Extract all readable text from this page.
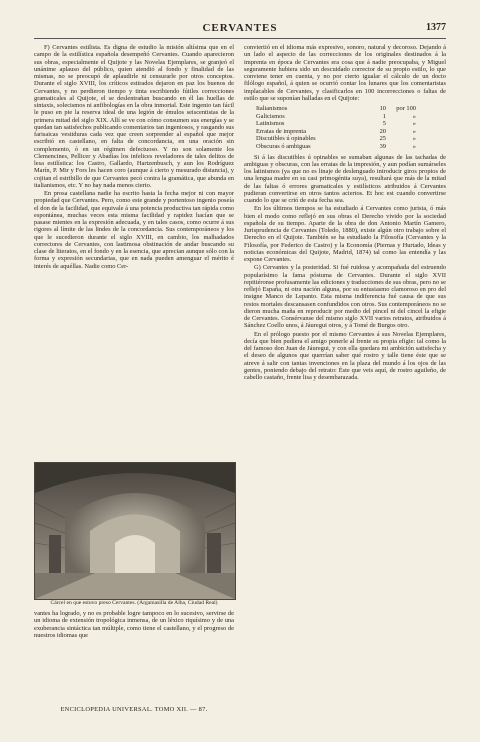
CERVANTES	1377

F) Cervantes estilista. Es digna de estudio la misión altísima que en el campo de la estilística española desempeñó Cervantes. Cuando aparecieron sus obras, especialmente el Quijote y las Novelas Ejemplares, se granjeó el unánime aplauso del público, quien atendió al fondo y finalidad de las mismas, no se preocupó de aplaudirle ni censurarle por otros conceptos. Durante el siglo XVIII, los críticos estirados dejaron en paz los buenos de Cervantes, y no perdieron tiempo y tinta escribiendo fútiles correcciones gramaticales al Quijote, el se deslentrañan buscando en él las huellas de sintaxis, solecismos ni anfibologías en la obra inmortal. Este ingenio tan fácil le puso en pie la reserva ideal de una legión de émulos seiscentistas de la primera mitad del siglo XIX. Allí se ve con cómo consumen sus energías y se quedan tan satisfechos publicando comentarios tan ingeniosos, y rasgando sus farisaicas vestiduras cada vez que creen sorprender al español que mejor escribió en castellano, en falta de concordancia, en una oración sin complemento, ó en un régimen defectuoso. Y no son solamente los Clemencines, Pellicer y Abadías los infelices reveladores de tales delitos de lesa estilística: los Castro, Gallardo, Hartzenbusch, y aun los Rodríguez Marín, P. Mir y Fors les hacen coro (aunque á cierto y mesurado distancia), y cojitan el estribillo de que Cervantes pecó contra la gramática, que abunda en italianismos, etc. Y no hay nada menos cierto.

En prosa castellana nadie ha escrito hasta la fecha mejor ni con mayor propiedad que Cervantes. Pero, como este grande y portentoso ingenio poseía el don de la facilidad, que equivale á una potencia productiva tan rápida como espontánea, muchas veces esta misma facilidad y rapidez hacían que se pasase mientes en la expresión adecuada, y en tales casos, como ocurre á sus rigores al límite de las lindes de la concordancia. Sus contemporáneos y los que le sucedieron durante el siglo XVIII, en cambio, los malhadados correctores de Cervantes, con lastimosa obstinación de andar buscando su clase de literatos, en el fondo y en la esencia, que aprecian aunque sólo con la forma y expresión secundarias, que en nada pueden amenguar el mérito é interés de aquéllas. Nadie como Cer-

Cárcel en que estuvo preso Cervantes. (Argamasilla de Alba, Ciudad Real)

vantes ha logrado, y no es probable logre tampoco en lo sucesivo, servirse de un idioma de extensión tropológica inmensa, de un léxico riquísimo y de una exuberancia sintáctica tan múltiple, como tiene el castellano, y el progreso de nuestros idiomas que

conviertió en el idioma más expresivo, sonoro, natural y decoroso. Dejando á un lado el aspecto de las correcciones de los originales destinados á la imprenta en época de Cervantes era cosa que á nadie preocupaba, y Miguel seguramente hubiera sido un descuidado corrector de su propio estilo, lo que conviene tener en cuenta, y no por cierto igualar el cálculo de un docto filólogo español, á quien se ocurrió contar los lunares que los comentaristas implacables de Cervantes, y clasificarlos en 100 incorrecciones o faltas de estilo que se suponían halladas en el Quijote:

Italianismos	10 por 100
Galicismos	1	»
Latinismos	5	»
Erratas de imprenta	20	»
Discutibles ú opinables	25	»
Obscuras ó ambiguas	39	»

Si á las discutibles ú opinables se sumaban algunas de las tachadas de ambiguas y obscuras, con las erratas de la impresión, y aun podían sumárseles los latinismos (ya que no es linaje de deslenguado introducir giros propios de una lengua madre en su casi primogénita suya), resultará que más de la mitad de las faltas ó errores gramaticales y estilísticos atribuidos á Cervantes pudieran convertirse en otros tantos aciertos. Et hoc est cuando convertirse cuando lo que se crió de esta fecha sea.

En los últimos tiempos se ha estudiado á Cervantes como jurista, ó más bien el modo como reflejó en sus obras el Derecho vivido por la sociedad española de su tiempo. Aparte de la obra de don Antonio Martín Gamero, Jurisprudencia de Cervantes (Toledo, 1880), existe algún otro trabajo sobre el Derecho en el Quijote. También se ha estudiado la Filosofía (Cervantes y la Filosofía, por Federico de Castro) y la Economía (Piernas y Hurtado, Ideas y noticias económicas del Quijote, Madrid, 1874) tal como las entendía y las expone Cervantes.

G) Cervantes y la posteridad. Si fué ruidosa y acompañada del estruendo popularísimo la fama póstuma de Cervantes. Durante el siglo XVII repitiéronse profusamente las ediciones y traducciones de sus obras, pero no se reflejó España, ni otra nación alguna, por su entusiasmo clamoroso en pro del insigne Manco de Lepanto. Esta misma indiferencia fué causa de que sus restos mortales descansasen confundidos con otros. Sus contemporáneos no se dieron mucha maña en reproducir por medio del pincel ni del cincel la efigie de Cervantes. Consérvanse del mismo siglo XVII varios retratos, atribuidos á Sánchez Coello unos, á Jáuregui otros, y á Tomé de Burgos otro.

En el prólogo puesto por el mismo Cervantes á sus Novelas Ejemplares, decía que bien pudiera el amigo ponerle al frente su propia efigie: tal como la del famoso don Juan de Jáuregui, y con ella quedara mi ambición satisfecha y el deseo de algunos que querrían saber qué rostro y talle tiene éste que se atreve á salir con tantas invenciones en la plaza del mundo á los ojos de las gentes, poniendo debajo del retrato: Éste que veis aquí, de rostro aguileño, de cabello castaño, frente lisa y desembarazada.

ENCICLOPEDIA UNIVERSAL. TOMO XII. — 87.
